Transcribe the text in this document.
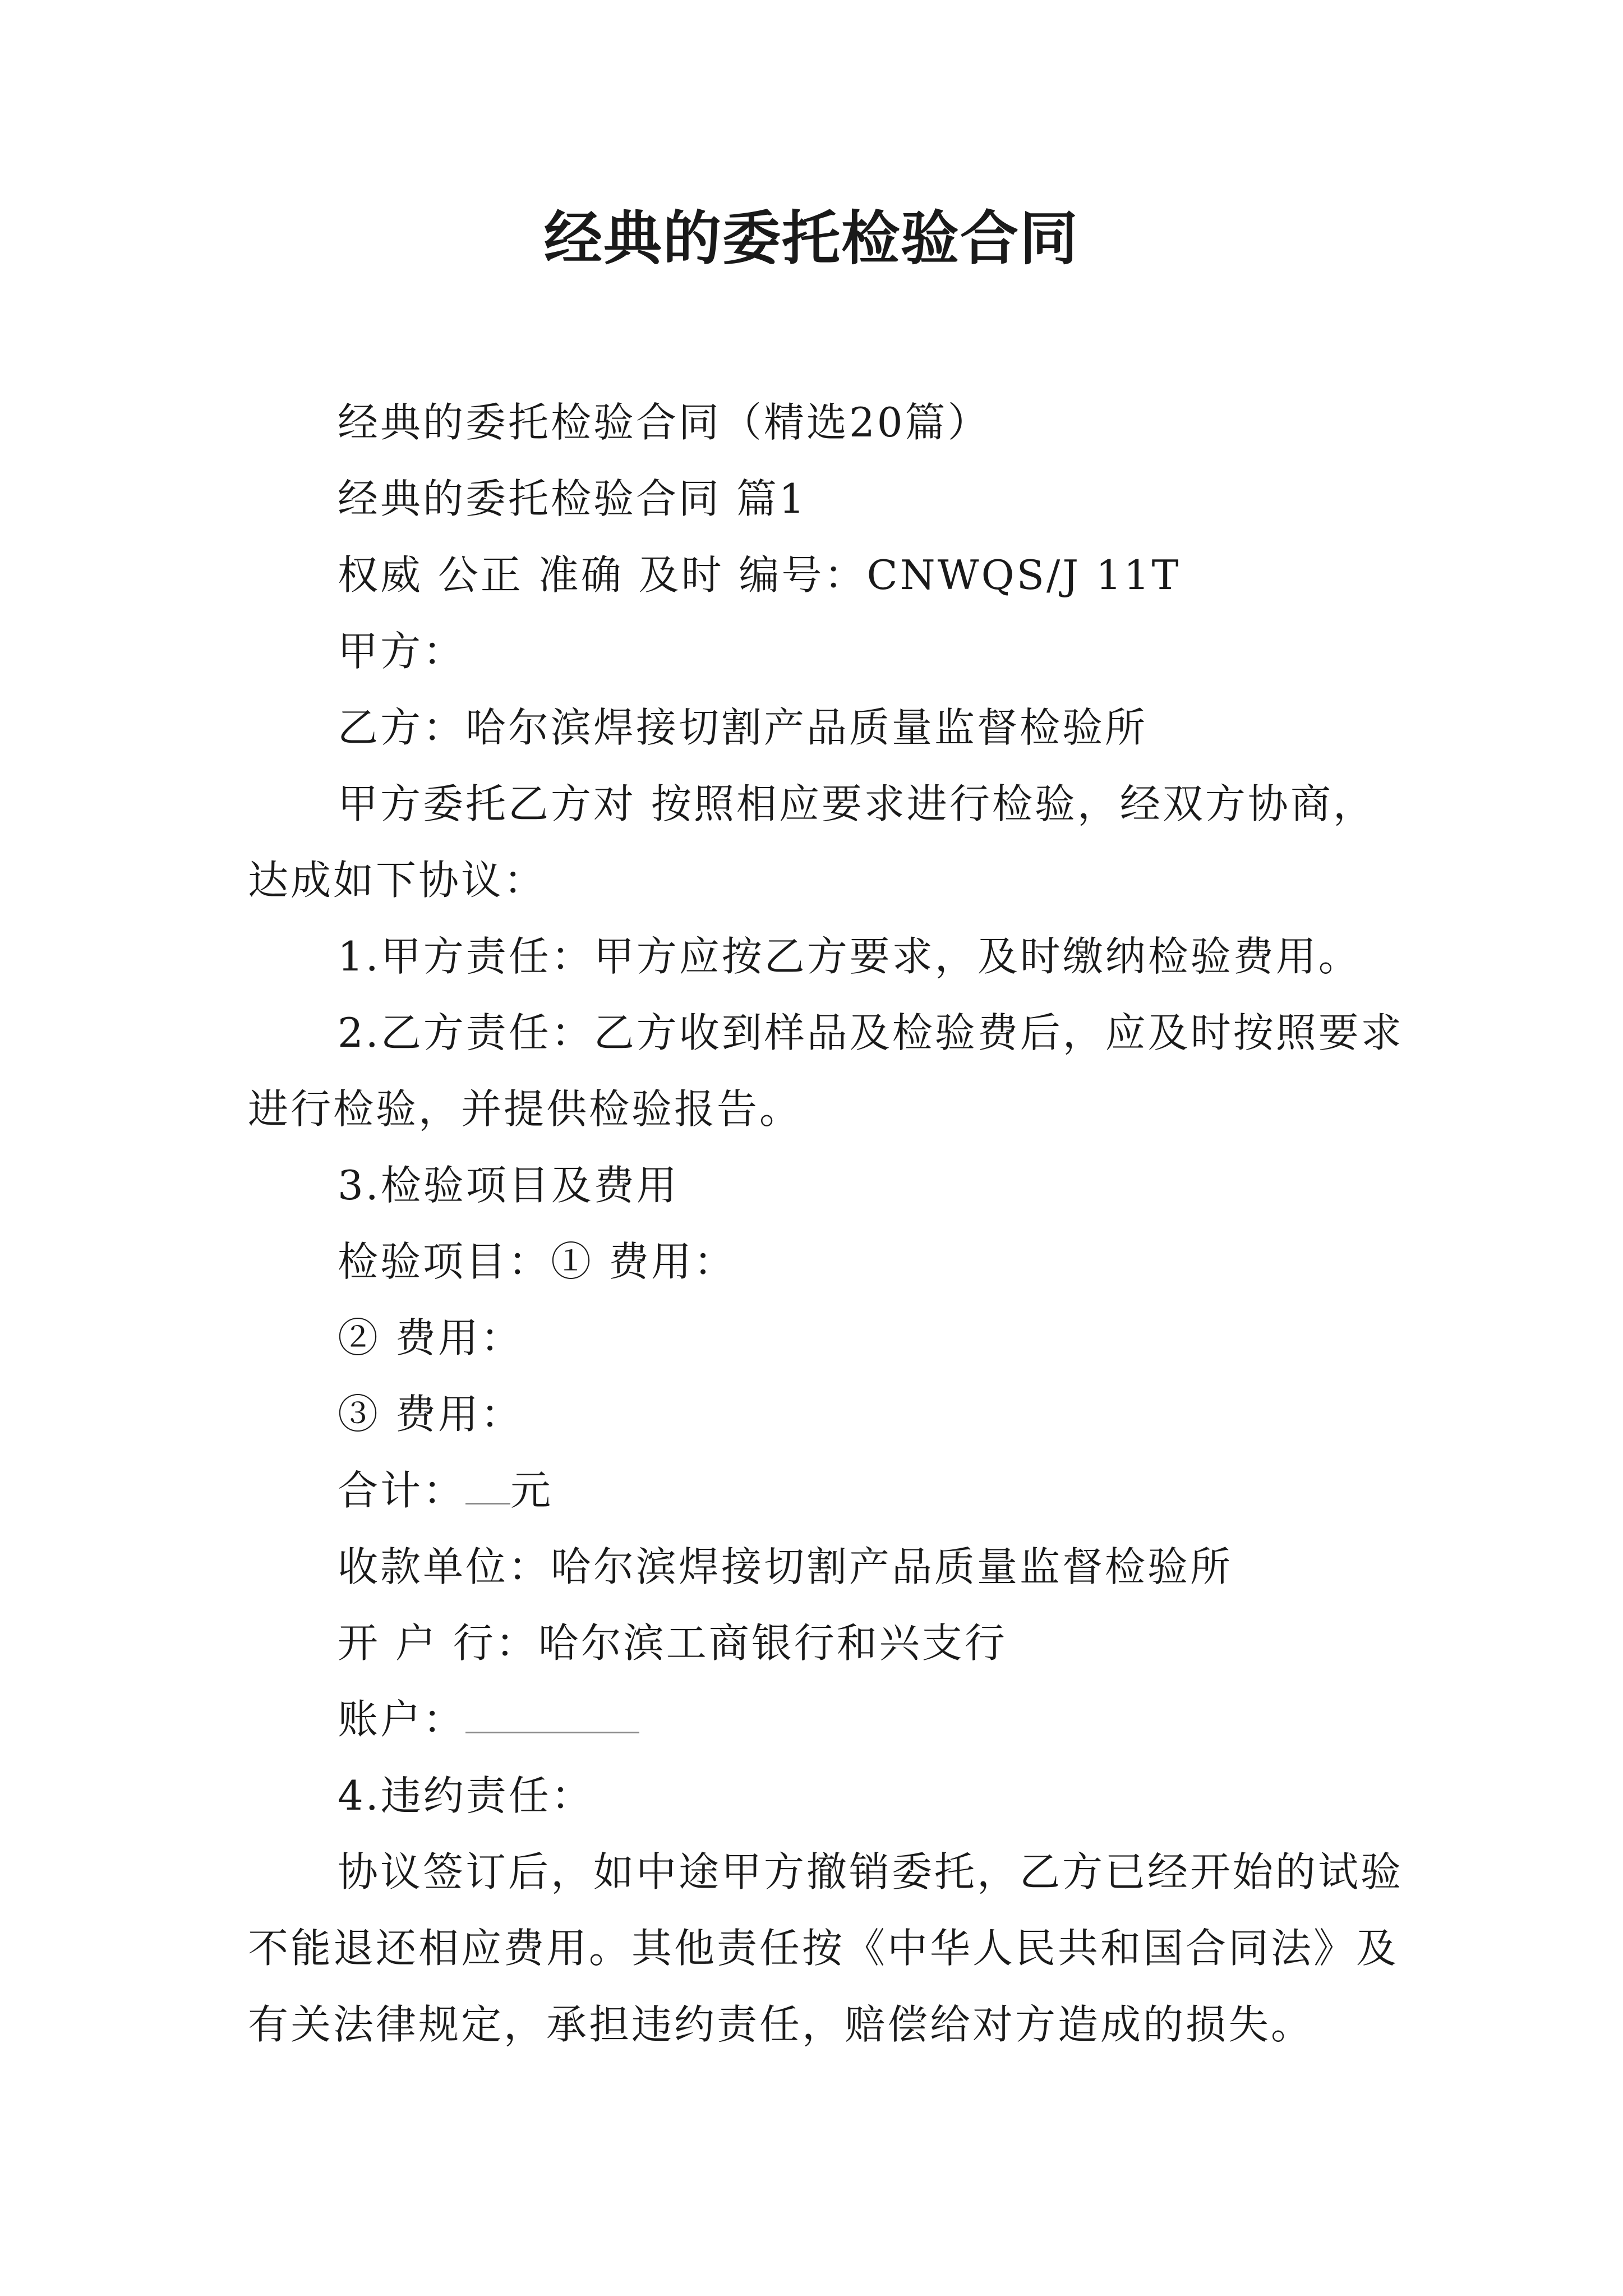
经典的委托检验合同

经典的委托检验合同（精选20篇）

经典的委托检验合同 篇1

权威 公正 准确 及时 编号：CNWQS/J 11T

甲方：

乙方：哈尔滨焊接切割产品质量监督检验所

甲方委托乙方对 按照相应要求进行检验，经双方协商，达成如下协议：

1.甲方责任：甲方应按乙方要求，及时缴纳检验费用。

2.乙方责任：乙方收到样品及检验费后，应及时按照要求进行检验，并提供检验报告。

3.检验项目及费用

检验项目：① 费用：

② 费用：

③ 费用：

合计： 元

收款单位：哈尔滨焊接切割产品质量监督检验所

开 户 行：哈尔滨工商银行和兴支行

账户：

4.违约责任：

协议签订后，如中途甲方撤销委托，乙方已经开始的试验不能退还相应费用。其他责任按《中华人民共和国合同法》及有关法律规定，承担违约责任，赔偿给对方造成的损失。
